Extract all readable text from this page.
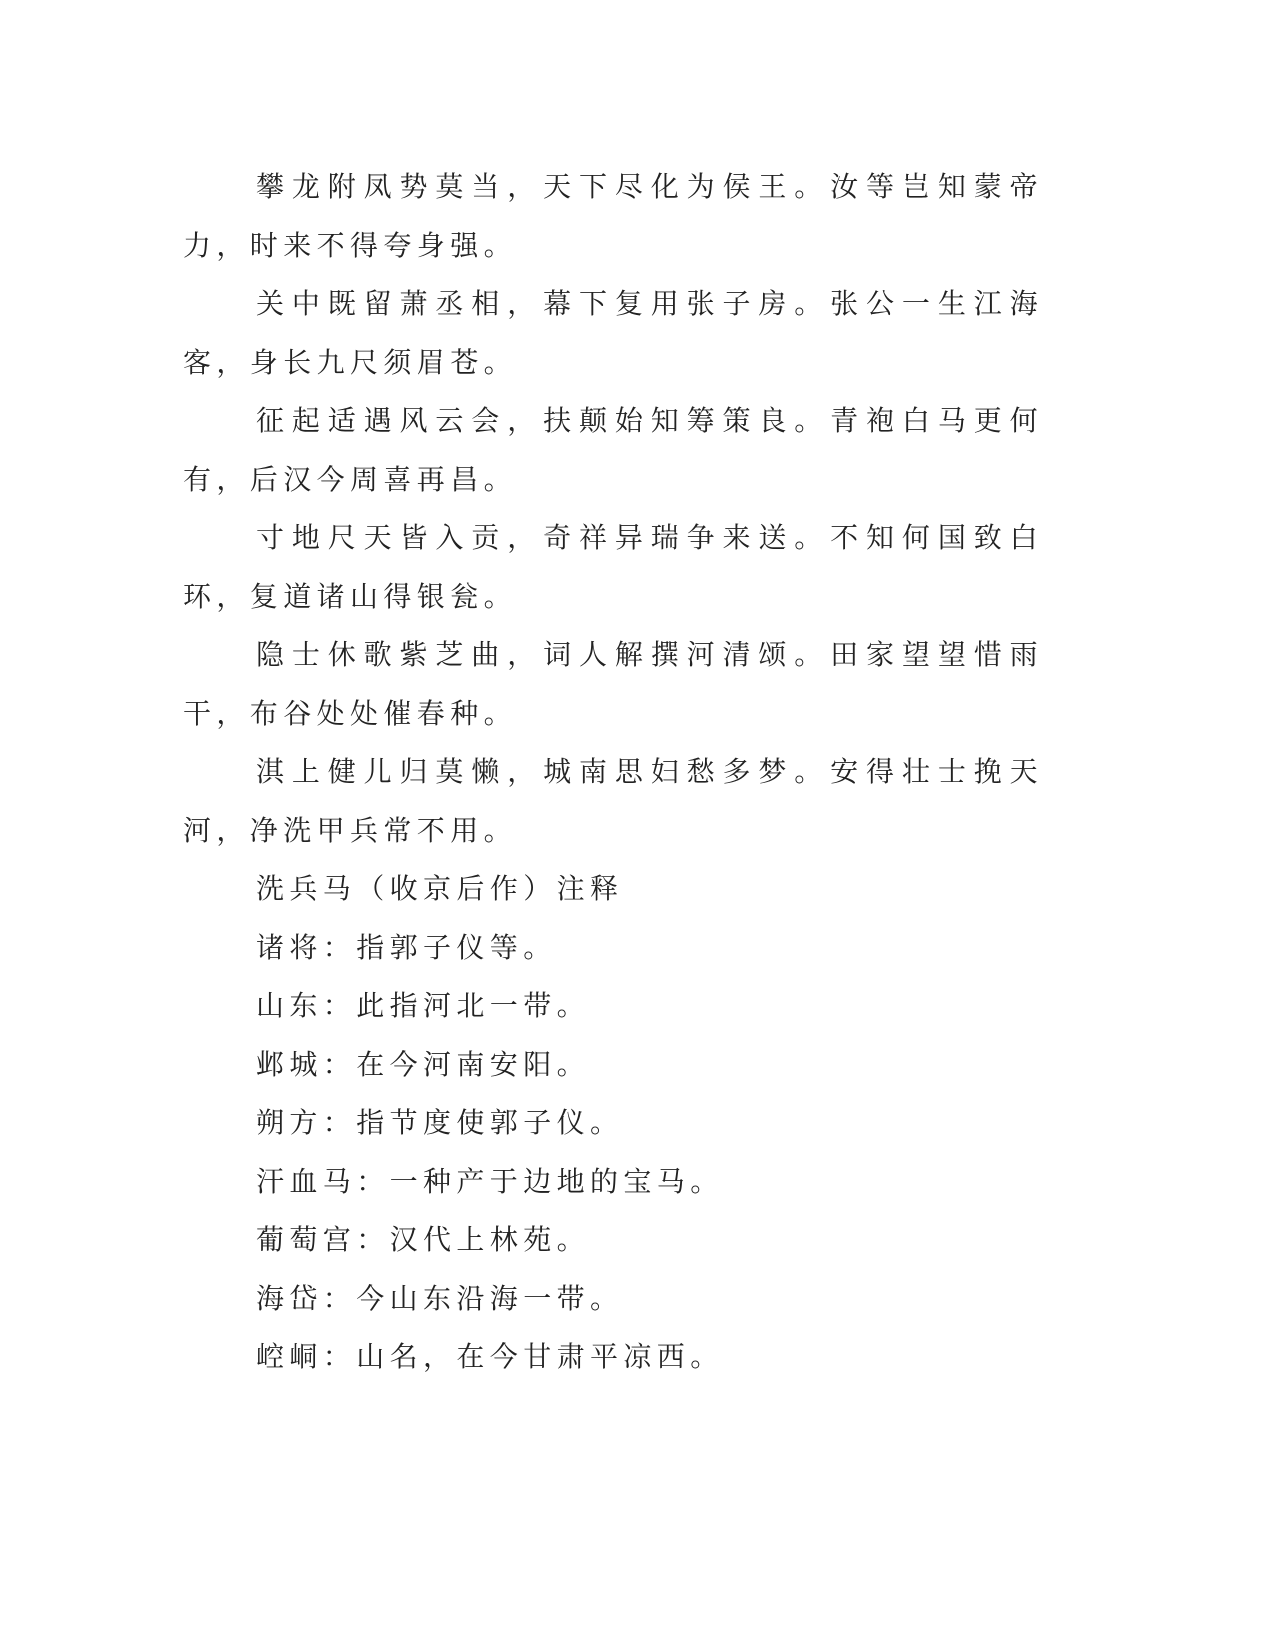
攀龙附凤势莫当，天下尽化为侯王。汝等岂知蒙帝力，时来不得夸身强。

关中既留萧丞相，幕下复用张子房。张公一生江海客，身长九尺须眉苍。

征起适遇风云会，扶颠始知筹策良。青袍白马更何有，后汉今周喜再昌。

寸地尺天皆入贡，奇祥异瑞争来送。不知何国致白环，复道诸山得银瓮。

隐士休歌紫芝曲，词人解撰河清颂。田家望望惜雨干，布谷处处催春种。

淇上健儿归莫懒，城南思妇愁多梦。安得壮士挽天河，净洗甲兵常不用。

洗兵马（收京后作）注释

诸将：指郭子仪等。

山东：此指河北一带。

邺城：在今河南安阳。

朔方：指节度使郭子仪。

汗血马：一种产于边地的宝马。

葡萄宫：汉代上林苑。

海岱：今山东沿海一带。

崆峒：山名，在今甘肃平凉西。
